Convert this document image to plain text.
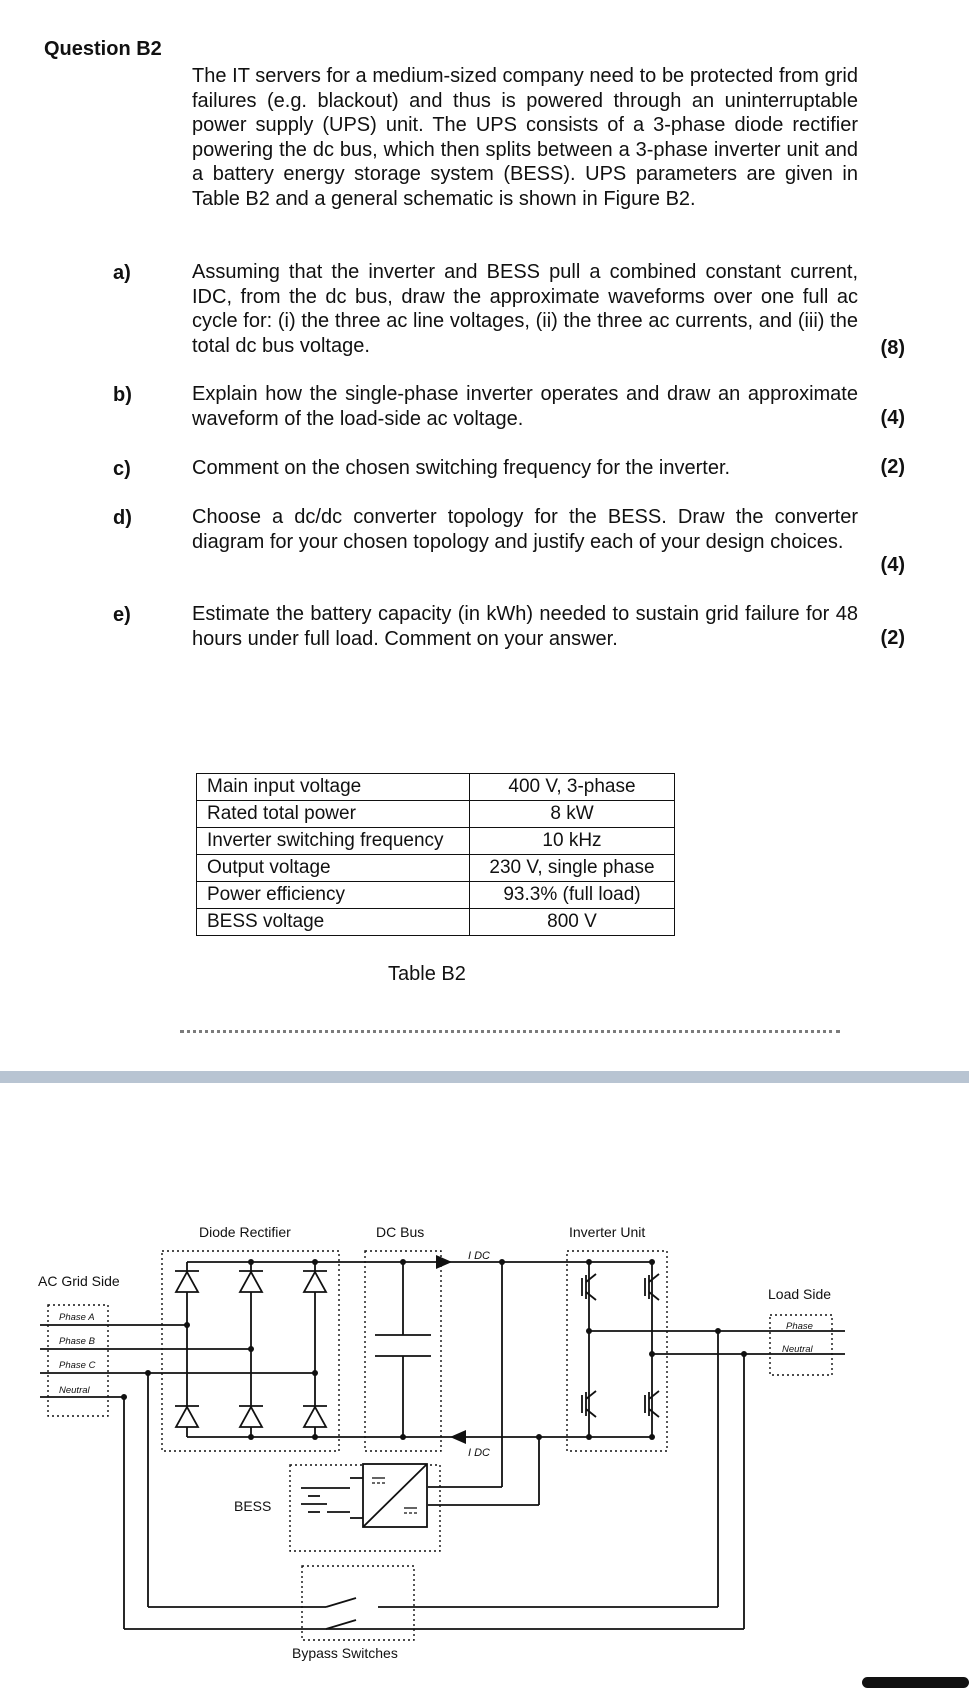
Question B2
The IT servers for a medium-sized company need to be protected from grid failures (e.g. blackout) and thus is powered through an uninterruptable power supply (UPS) unit. The UPS consists of a 3-phase diode rectifier powering the dc bus, which then splits between a 3-phase inverter unit and a battery energy storage system (BESS). UPS parameters are given in Table B2 and a general schematic is shown in Figure B2.
a)	Assuming that the inverter and BESS pull a combined constant current, IDC, from the dc bus, draw the approximate waveforms over one full ac cycle for: (i) the three ac line voltages, (ii) the three ac currents, and (iii) the total dc bus voltage.	(8)
b)	Explain how the single-phase inverter operates and draw an approximate waveform of the load-side ac voltage.	(4)
c)	Comment on the chosen switching frequency for the inverter.	(2)
d)	Choose a dc/dc converter topology for the BESS. Draw the converter diagram for your chosen topology and justify each of your design choices.
(4)
e)	Estimate the battery capacity (in kWh) needed to sustain grid failure for 48 hours under full load. Comment on your answer.	(2)
Main input voltage	400 V, 3-phase
Rated total power	8 kW
Inverter switching frequency	10 kHz
Output voltage	230 V, single phase
Power efficiency	93.3% (full load)
BESS voltage	800 V
Table B2
Diode Rectifier	DC Bus	Inverter Unit
AC Grid Side
Load Side
Phase A
Phase B
Phase C
Neutral
Phase
Neutral
I DC
I DC
BESS
Bypass Switches
